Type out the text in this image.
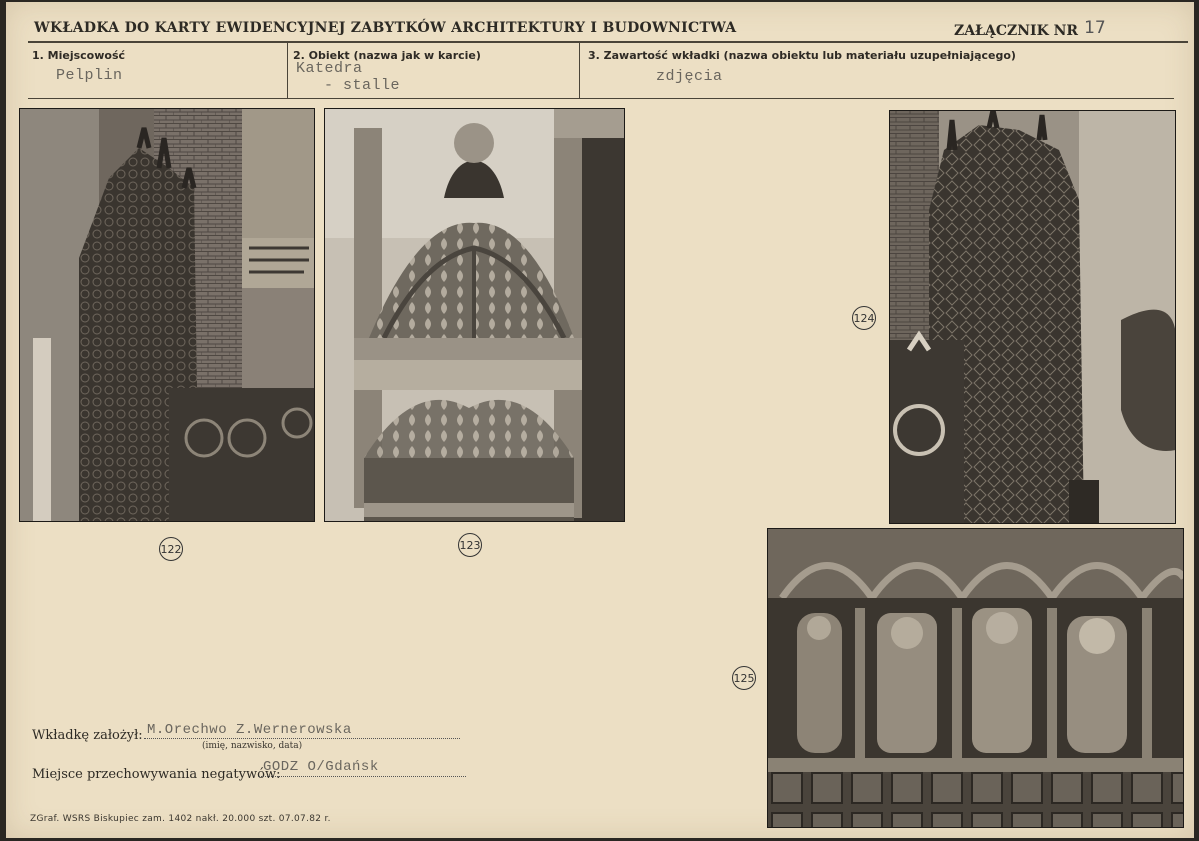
WKŁADKA DO KARTY EWIDENCYJNEJ ZABYTKÓW ARCHITEKTURY I BUDOWNICTWA	ZAŁĄCZNIK NR 17
1. Miejscowość
Pelplin
2. Obiekt (nazwa jak w karcie)
Katedra
- stalle
3. Zawartość wkładki (nazwa obiektu lub materiału uzupełniającego)
zdjęcia
122	123
124
125
Wkładkę założył: M.Orechwo Z.Wernerowska
(imię, nazwisko, data)
Miejsce przechowywania negatywów:
GODZ O/Gdańsk
ZGraf. WSRS Biskupiec zam. 1402 nakł. 20.000 szt. 07.07.82 r.
